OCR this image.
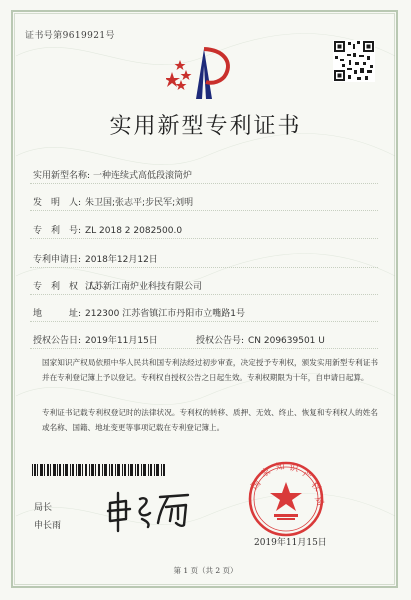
证书号第9619921号
实用新型专利证书
实用新型名称: 一种连续式高低段滚筒炉
发　明　人: 朱卫国;张志平;步民军;刘明
专　利　号: ZL 2018 2 2082500.0
专利申请日: 2018年12月12日
专　利　权　人:江苏新江南炉业科技有限公司
地　　　址: 212300 江苏省镇江市丹阳市立嘴路1号
授权公告日: 2019年11月15日	授权公告号: CN 209639501 U
国家知识产权局依照中华人民共和国专利法经过初步审查，决定授予专利权，颁发实用新型专利证书并在专利登记簿上予以登记。专利权自授权公告之日起生效。专利权期限为十年，自申请日起算。
专利证书记载专利权登记时的法律状况。专利权的转移、质押、无效、终止、恢复和专利权人的姓名或名称、国籍、地址变更等事项记载在专利登记簿上。
局长
申长雨
国
家 知 识
产
权
局
2019年11月15日
第 1 页（共 2 页）
